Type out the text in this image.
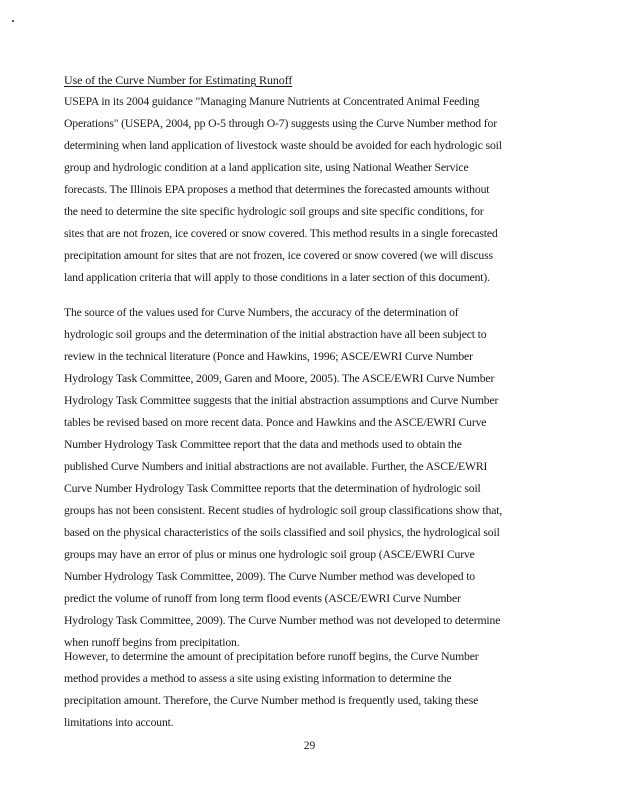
Use of the Curve Number for Estimating Runoff
USEPA in its 2004 guidance "Managing Manure Nutrients at Concentrated Animal Feeding
Operations" (USEPA, 2004, pp O-5 through O-7) suggests using the Curve Number method for
determining when land application of livestock waste should be avoided for each hydrologic soil
group and hydrologic condition at a land application site, using National Weather Service
forecasts. The Illinois EPA proposes a method that determines the forecasted amounts without
the need to determine the site specific hydrologic soil groups and site specific conditions, for
sites that are not frozen, ice covered or snow covered. This method results in a single forecasted
precipitation amount for sites that are not frozen, ice covered or snow covered (we will discuss
land application criteria that will apply to those conditions in a later section of this document).
The source of the values used for Curve Numbers, the accuracy of the determination of
hydrologic soil groups and the determination of the initial abstraction have all been subject to
review in the technical literature (Ponce and Hawkins, 1996; ASCE/EWRI Curve Number
Hydrology Task Committee, 2009, Garen and Moore, 2005). The ASCE/EWRI Curve Number
Hydrology Task Committee suggests that the initial abstraction assumptions and Curve Number
tables be revised based on more recent data. Ponce and Hawkins and the ASCE/EWRI Curve
Number Hydrology Task Committee report that the data and methods used to obtain the
published Curve Numbers and initial abstractions are not available. Further, the ASCE/EWRI
Curve Number Hydrology Task Committee reports that the determination of hydrologic soil
groups has not been consistent. Recent studies of hydrologic soil group classifications show that,
based on the physical characteristics of the soils classified and soil physics, the hydrological soil
groups may have an error of plus or minus one hydrologic soil group (ASCE/EWRI Curve
Number Hydrology Task Committee, 2009). The Curve Number method was developed to
predict the volume of runoff from long term flood events (ASCE/EWRI Curve Number
Hydrology Task Committee, 2009). The Curve Number method was not developed to determine
when runoff begins from precipitation.
However, to determine the amount of precipitation before runoff begins, the Curve Number
method provides a method to assess a site using existing information to determine the
precipitation amount. Therefore, the Curve Number method is frequently used, taking these
limitations into account.
29
